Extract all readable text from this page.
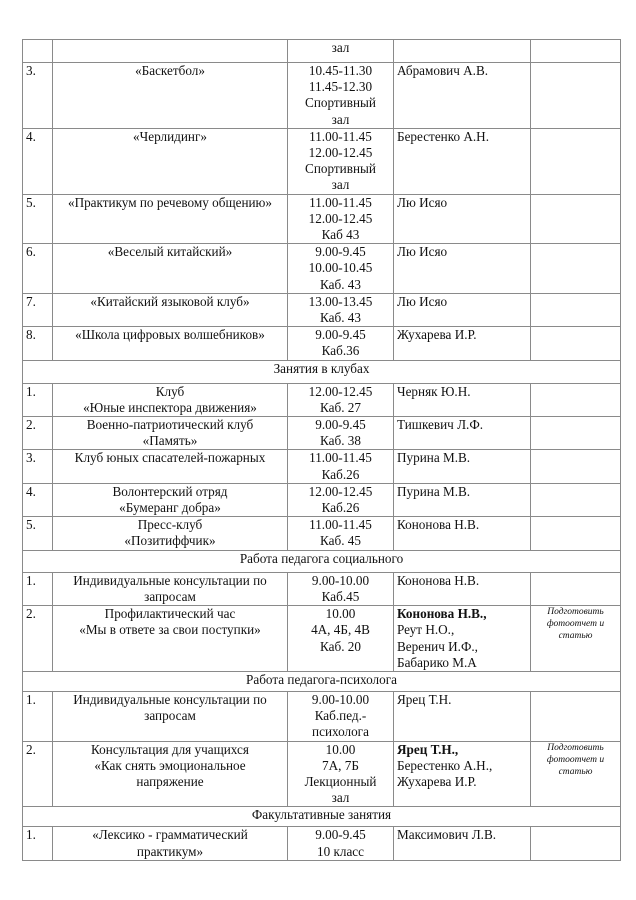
		зал		

3.	«Баскетбол»	10.45-11.30
11.45-12.30
Спортивный
зал	Абрамович А.В.	

4.	«Черлидинг»	11.00-11.45
12.00-12.45
Спортивный
зал	Берестенко А.Н.	

5.	«Практикум по речевому общению»	11.00-11.45
12.00-12.45
Каб 43	Лю Исяо	

6.	«Веселый китайский»	9.00-9.45
10.00-10.45
Каб. 43	Лю Исяо	

7.	«Китайский языковой клуб»	13.00-13.45
Каб. 43	Лю Исяо	

8.	«Школа цифровых волшебников»	9.00-9.45
Каб.36	Жухарева И.Р.	

Занятия в клубах				
1.	Клуб
«Юные инспектора движения»	12.00-12.45
Каб. 27	Черняк Ю.Н.	

2.	Военно-патриотический клуб
«Память»	9.00-9.45
Каб. 38	Тишкевич Л.Ф.	

3.	Клуб юных спасателей-пожарных	11.00-11.45
Каб.26	Пурина М.В.	

4.	Волонтерский отряд
«Бумеранг добра»	12.00-12.45
Каб.26	Пурина М.В.	

5.	Пресс-клуб
«Позитиффчик»	11.00-11.45
Каб. 45	Кононова Н.В.	

Работа педагога социального				
1.	Индивидуальные консультации по
запросам	9.00-10.00
Каб.45	Кононова Н.В.	

2.	Профилактический час
«Мы в ответе за свои поступки»	10.00
4А, 4Б, 4В
Каб. 20	Кононова Н.В.,
Реут Н.О.,
Веренич И.Ф.,
Бабарико М.А	Подготовить
фотоотчет и
статью

Работа педагога-психолога				
1.	Индивидуальные консультации по
запросам	9.00-10.00
Каб.пед.-
психолога	Ярец Т.Н.	

2.	Консультация для учащихся
«Как снять эмоциональное
напряжение	10.00
7А, 7Б
Лекционный
зал	Ярец Т.Н.,
Берестенко А.Н.,
Жухарева И.Р.	Подготовить
фотоотчет и
статью

Факультативные занятия				
1.	«Лексико - грамматический
практикум»	9.00-9.45
10 класс	Максимович Л.В.	
